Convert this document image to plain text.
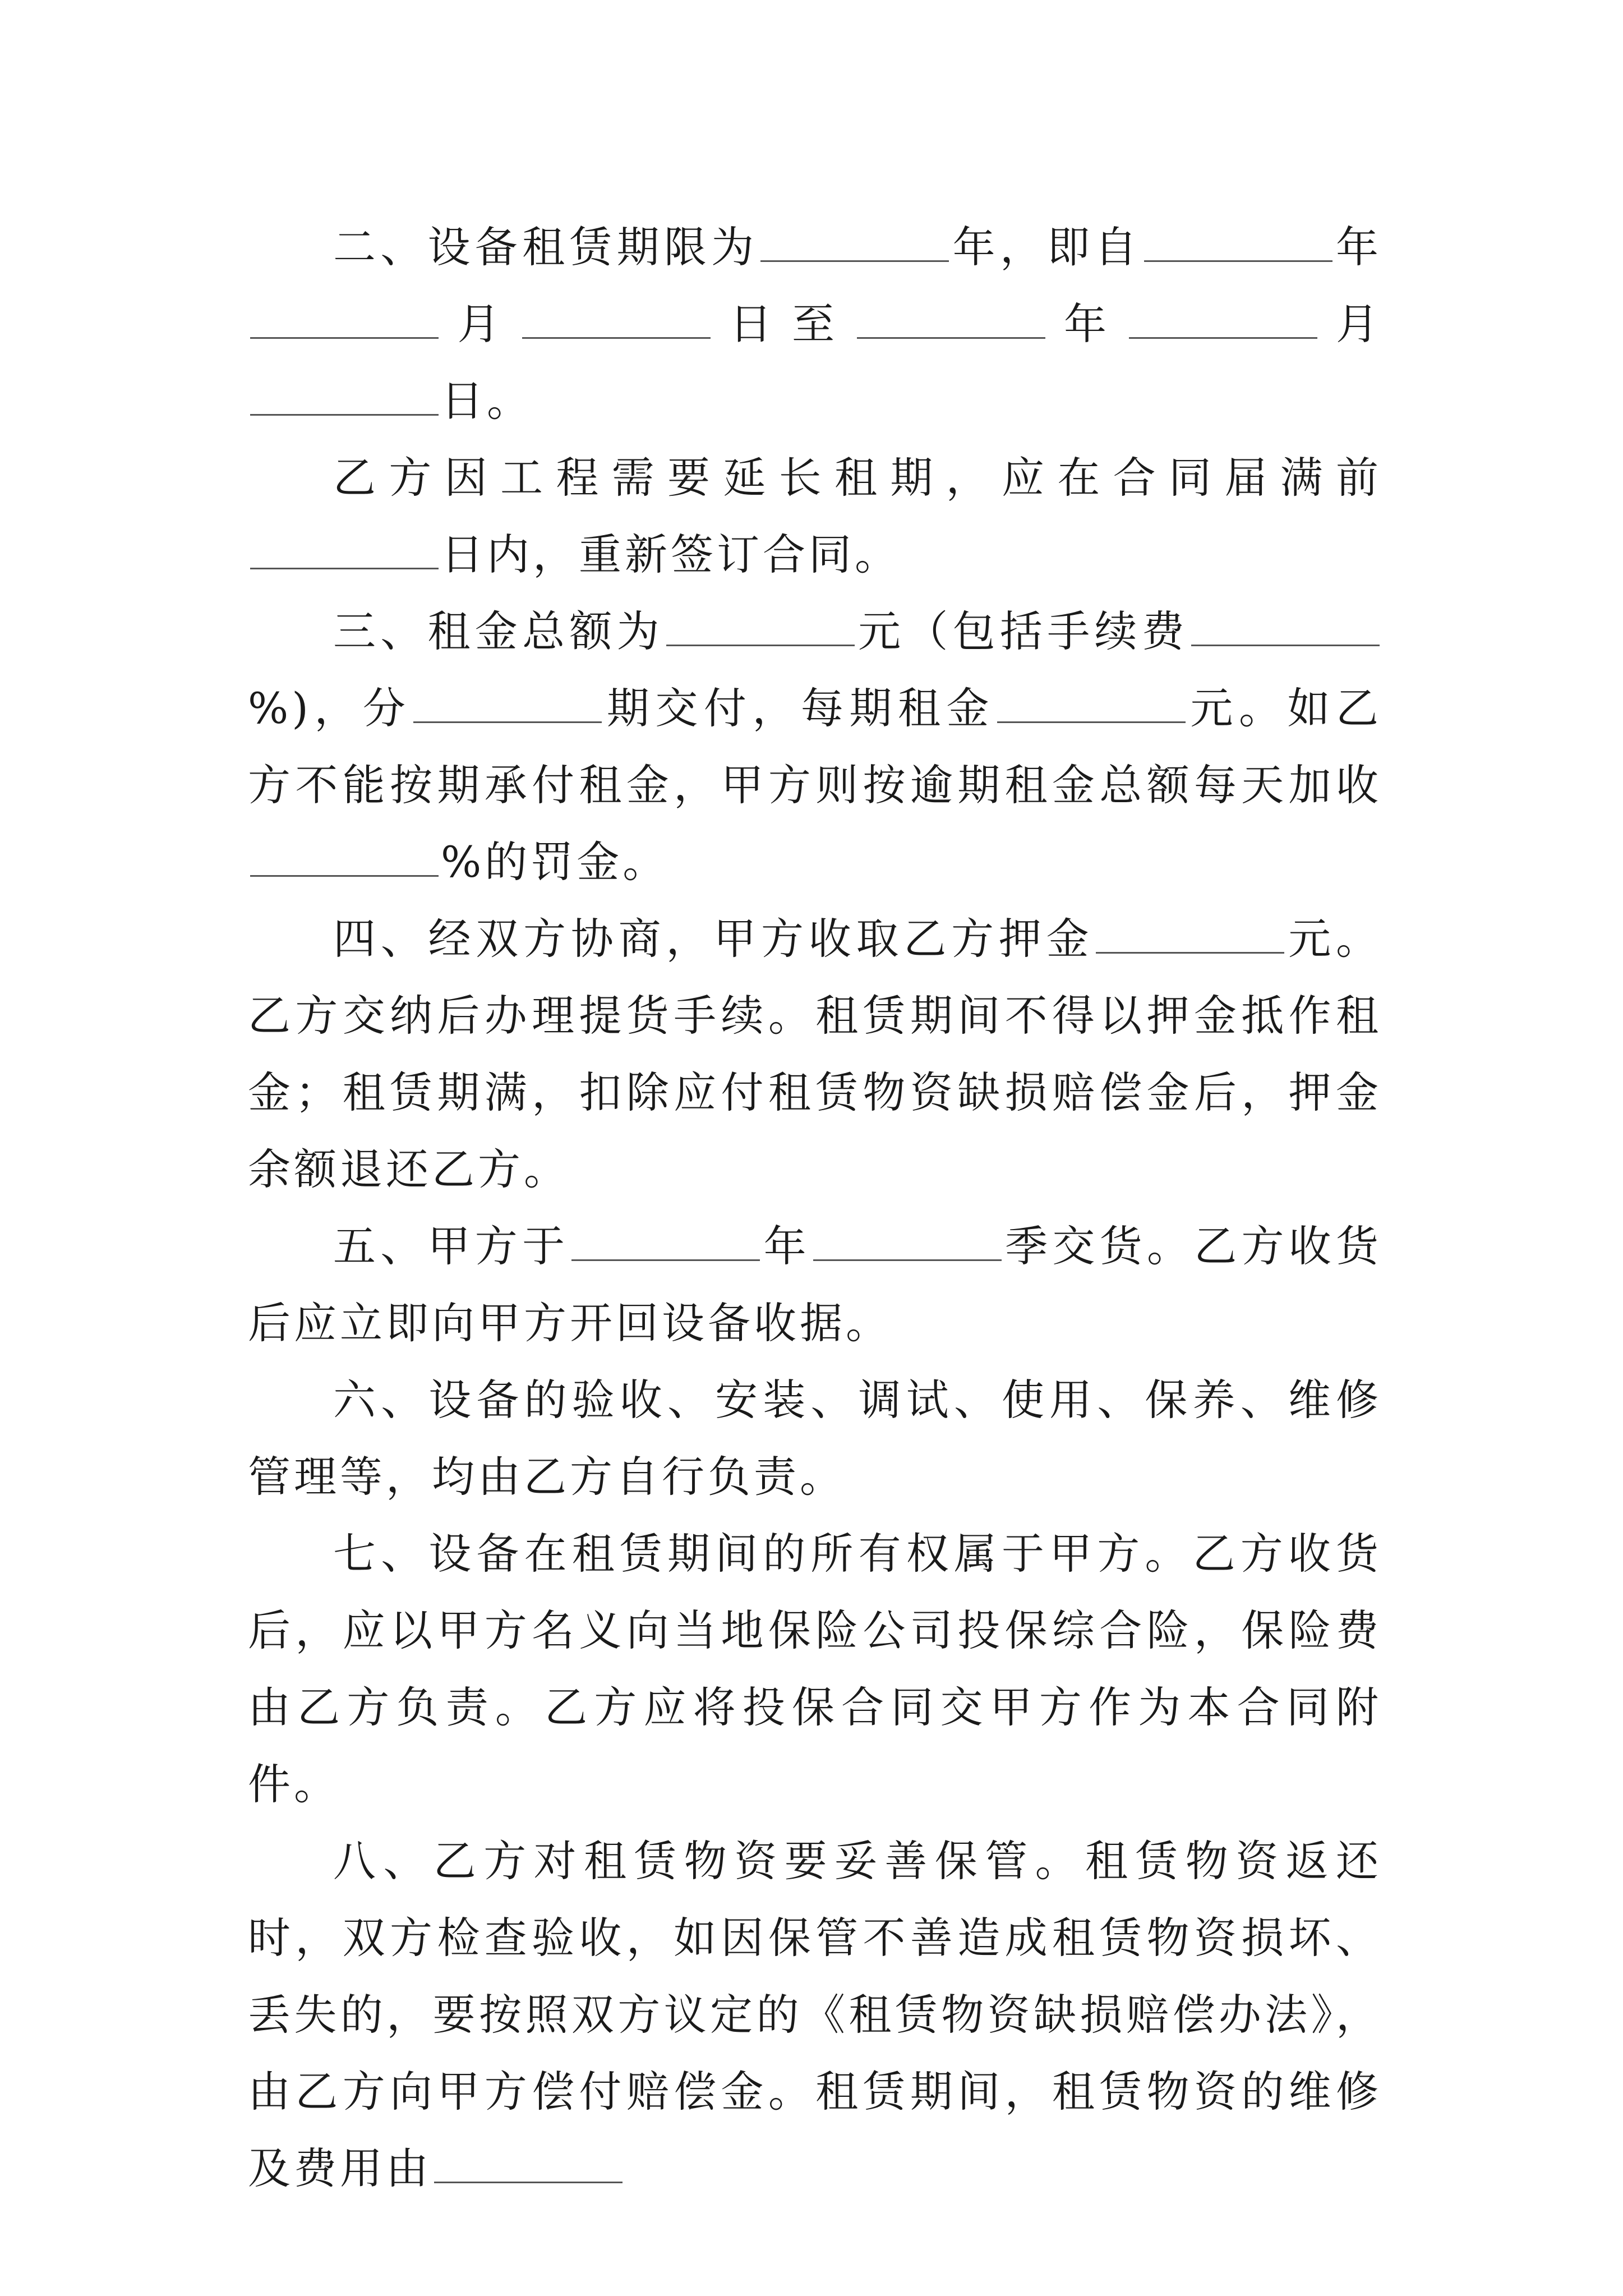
二、设备租赁期限为	年，即自	年月	日至	年	月日。

乙方因工程需要延长租期，应在合同届满前日内，重新签订合同。

三、租金总额为	元（包括手续费%)，分	期交付，每期租金	元。如乙方不能按期承付租金，甲方则按逾期租金总额每天加收%的罚金。

四、经双方协商，甲方收取乙方押金	元。乙方交纳后办理提货手续。租赁期间不得以押金抵作租金；租赁期满，扣除应付租赁物资缺损赔偿金后，押金余额退还乙方。

五、甲方于	年	季交货。乙方收货后应立即向甲方开回设备收据。

六、设备的验收、安装、调试、使用、保养、维修管理等，均由乙方自行负责。

七、设备在租赁期间的所有权属于甲方。乙方收货后，应以甲方名义向当地保险公司投保综合险，保险费由乙方负责。乙方应将投保合同交甲方作为本合同附件。

八、乙方对租赁物资要妥善保管。租赁物资返还时，双方检查验收，如因保管不善造成租赁物资损坏、丢失的，要按照双方议定的《租赁物资缺损赔偿办法》，由乙方向甲方偿付赔偿金。租赁期间，租赁物资的维修及费用由
